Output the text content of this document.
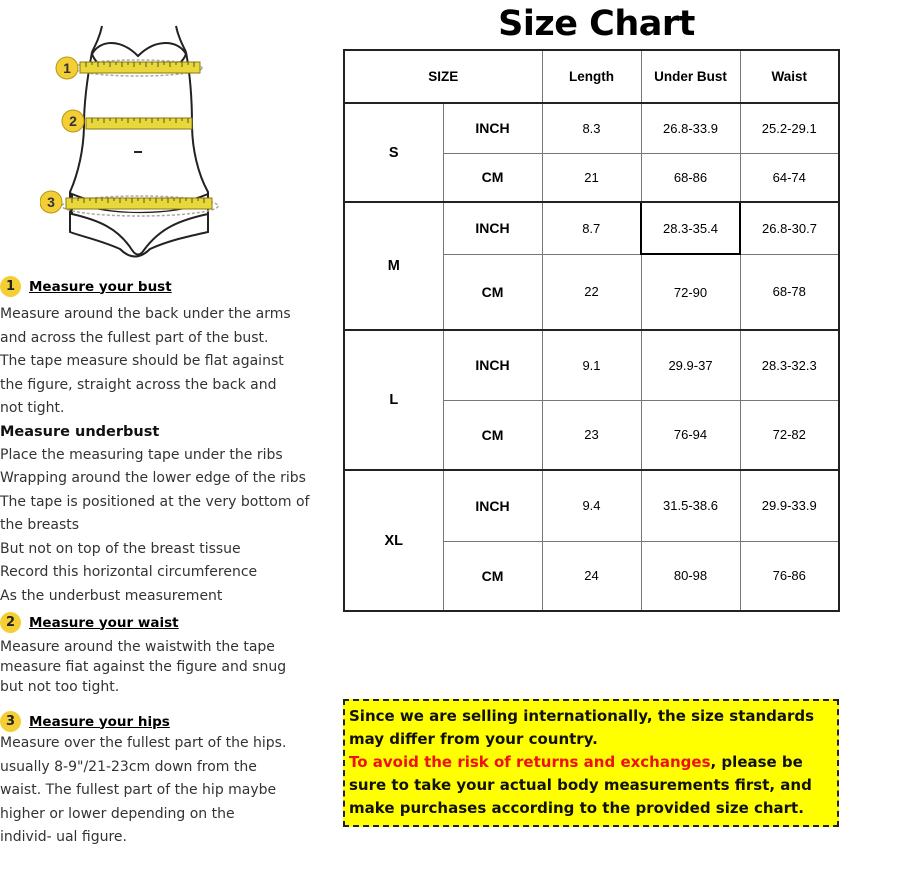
1
2
3
1	Measure your bust
Measure around the back under the arms
and across the fullest part of the bust.
The tape measure should be flat against
the figure, straight across the back and
not tight.
Measure underbust
Place the measuring tape under the ribs
Wrapping around the lower edge of the ribs
The tape is positioned at the very bottom of
the breasts
But not on top of the breast tissue
Record this horizontal circumference
As the underbust measurement
2	Measure your waist
Measure around the waistwith the tape
measure fiat against the figure and snug
but not too tight.
3	Measure your hips
Measure over the fullest part of the hips.
usually 8-9"/21-23cm down from the
waist. The fullest part of the hip maybe
higher or lower depending on the
individ- ual figure.
Size Chart
SIZE		Length	Under Bust	Waist
S	INCH	8.3	26.8-33.9	25.2-29.1
	CM	21	68-86	64-74
M	INCH	8.7	28.3-35.4	26.8-30.7
	CM	22	72-90	68-78
L	INCH	9.1	29.9-37	28.3-32.3
	CM	23	76-94	72-82
XL	INCH	9.4	31.5-38.6	29.9-33.9
	CM	24	80-98	76-86
Since we are selling internationally, the size standards may differ from your country.
To avoid the risk of returns and exchanges, please be sure to take your actual body measurements first, and make purchases according to the provided size chart.
